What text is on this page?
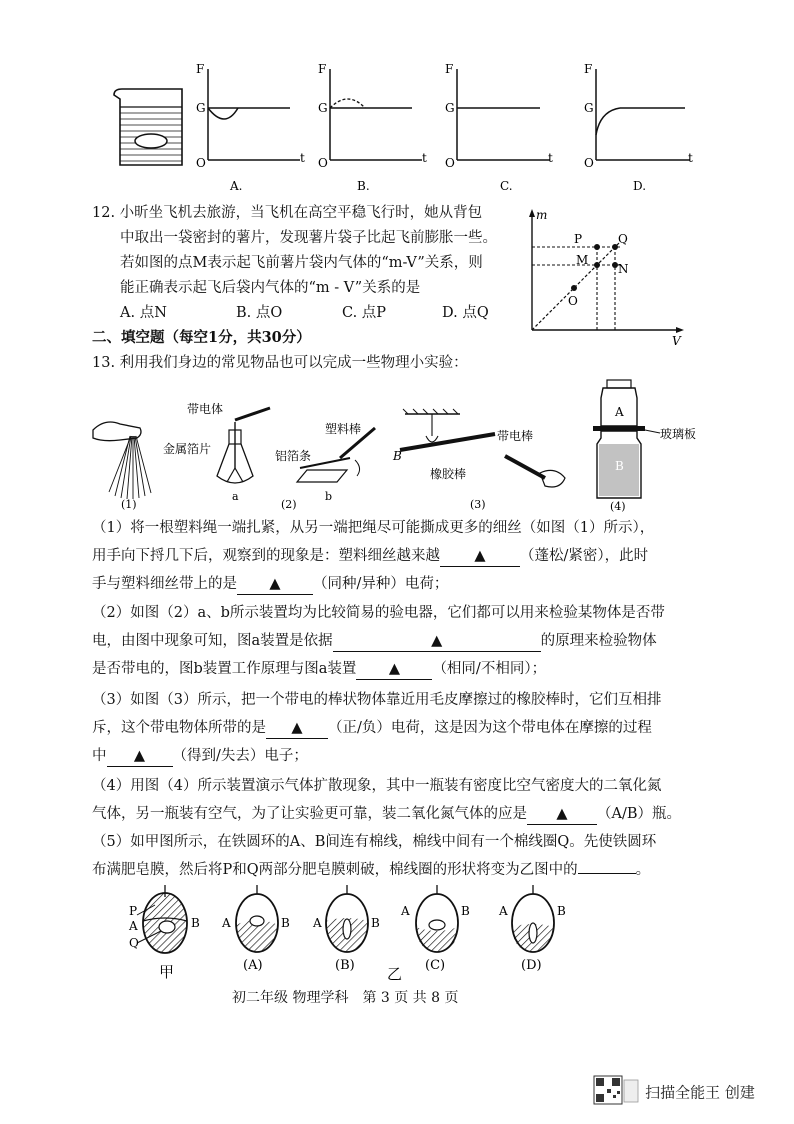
F
G
O	t
F
G
O	t
F
G
O	t
F
G
O	t
A.	B.	C.	D.
12. 小昕坐飞机去旅游，当飞机在高空平稳飞行时，她从背包
中取出一袋密封的薯片，发现薯片袋子比起飞前膨胀一些。
若如图的点M表示起飞前薯片袋内气体的“m-V”关系，则
能正确表示起飞后袋内气体的“m - V”关系的是
A. 点N	B. 点O	C. 点P	D. 点Q
m
V
P	Q
M
N
O
二、填空题（每空1分，共30分）
13. 利用我们身边的常见物品也可以完成一些物理小实验：
(1)
带电体
金属箔片
a
塑料棒
铝箔条
b
(2)
B
橡胶棒
带电棒
(3)
A
B
玻璃板
(4)
（1）将一根塑料绳一端扎紧，从另一端把绳尽可能撕成更多的细丝（如图（1）所示），
用手向下捋几下后，观察到的现象是：塑料细丝越来越 ▲ （蓬松/紧密），此时
手与塑料细丝带上的是 ▲ （同种/异种）电荷；
（2）如图（2）a、b所示装置均为比较简易的验电器，它们都可以用来检验某物体是否带
电，由图中现象可知，图a装置是依据	▲	的原理来检验物体
是否带电的，图b装置工作原理与图a装置 ▲ （相同/不相同）；
（3）如图（3）所示，把一个带电的棒状物体靠近用毛皮摩擦过的橡胶棒时，它们互相排
斥，这个带电物体所带的是 ▲ （正/负）电荷，这是因为这个带电体在摩擦的过程
中 ▲ （得到/失去）电子；
（4）用图（4）所示装置演示气体扩散现象，其中一瓶装有密度比空气密度大的二氧化氮
气体，另一瓶装有空气，为了让实验更可靠，装二氧化氮气体的应是 ▲ （A/B）瓶。
（5）如甲图所示，在铁圆环的A、B间连有棉线，棉线中间有一个棉线圈Q。先使铁圆环
布满肥皂膜，然后将P和Q两部分肥皂膜刺破，棉线圈的形状将变为乙图中的	。
P
A	B
Q
甲
A	B
(A)
A	B
(B) 乙
A	B
(C)
A	B
(D)
初二年级 物理学科　第 3 页 共 8 页
扫描全能王 创建
